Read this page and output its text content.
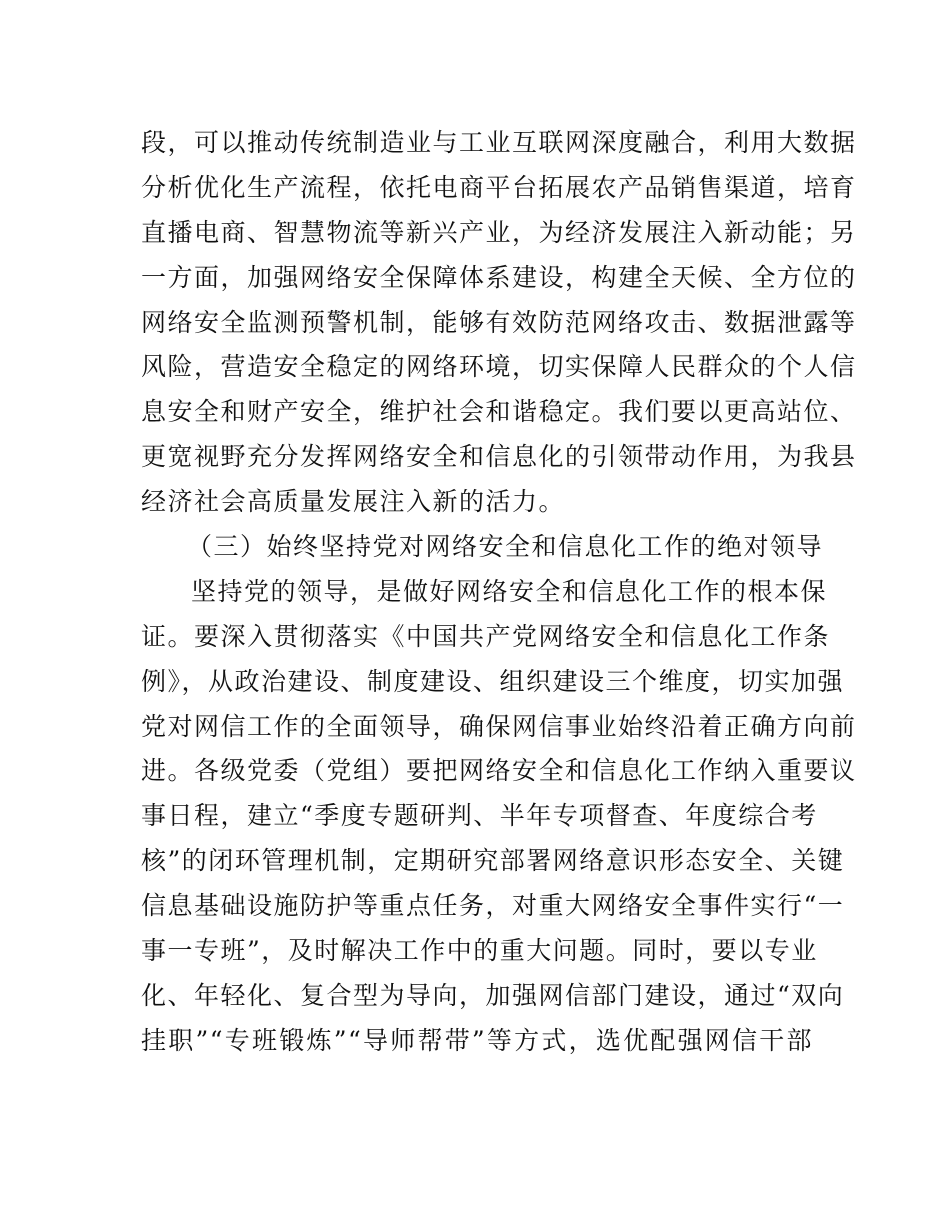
段，可以推动传统制造业与工业互联网深度融合，利用大数据
分析优化生产流程，依托电商平台拓展农产品销售渠道，培育
直播电商、智慧物流等新兴产业，为经济发展注入新动能；另
一方面，加强网络安全保障体系建设，构建全天候、全方位的
网络安全监测预警机制，能够有效防范网络攻击、数据泄露等
风险，营造安全稳定的网络环境，切实保障人民群众的个人信
息安全和财产安全，维护社会和谐稳定。我们要以更高站位、
更宽视野充分发挥网络安全和信息化的引领带动作用，为我县
经济社会高质量发展注入新的活力。
（三）始终坚持党对网络安全和信息化工作的绝对领导
坚持党的领导，是做好网络安全和信息化工作的根本保
证。要深入贯彻落实《中国共产党网络安全和信息化工作条
例》，从政治建设、制度建设、组织建设三个维度，切实加强
党对网信工作的全面领导，确保网信事业始终沿着正确方向前
进。各级党委（党组）要把网络安全和信息化工作纳入重要议
事日程，建立“季度专题研判、半年专项督查、年度综合考
核”的闭环管理机制，定期研究部署网络意识形态安全、关键
信息基础设施防护等重点任务，对重大网络安全事件实行“一
事一专班”，及时解决工作中的重大问题。同时，要以专业
化、年轻化、复合型为导向，加强网信部门建设，通过“双向
挂职”“专班锻炼”“导师帮带”等方式，选优配强网信干部
